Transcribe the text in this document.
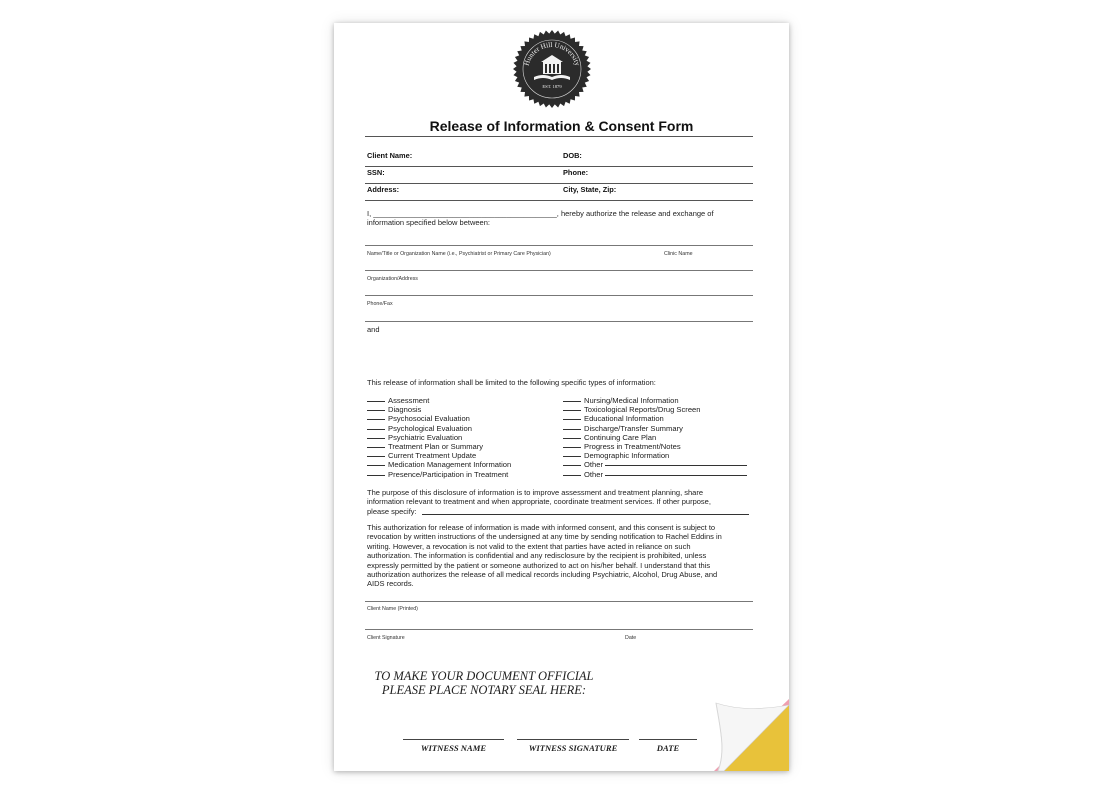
Hunter Hill University
EST. 1879
Release of Information & Consent Form
Client Name:	DOB:
SSN:	Phone:
Address:	City, State, Zip:
I, ____________________________________________, hereby authorize the release and exchange of
information specified below between:
Name/Title or Organization Name (i.e., Psychiatrist or Primary Care Physician)	Clinic Name
Organization/Address
Phone/Fax
and
This release of information shall be limited to the following specific types of information:
Assessment
Diagnosis
Psychosocial Evaluation
Psychological Evaluation
Psychiatric Evaluation
Treatment Plan or Summary
Current Treatment Update
Medication Management Information
Presence/Participation in Treatment
Nursing/Medical Information
Toxicological Reports/Drug Screen
Educational Information
Discharge/Transfer Summary
Continuing Care Plan
Progress in Treatment/Notes
Demographic Information
Other
Other
The purpose of this disclosure of information is to improve assessment and treatment planning, share
information relevant to treatment and when appropriate, coordinate treatment services. If other purpose,
please specify:
This authorization for release of information is made with informed consent, and this consent is subject to
revocation by written instructions of the undersigned at any time by sending notification to Rachel Eddins in
writing. However, a revocation is not valid to the extent that parties have acted in reliance on such
authorization. The information is confidential and any redisclosure by the recipient is prohibited, unless
expressly permitted by the patient or someone authorized to act on his/her behalf. I understand that this
authorization authorizes the release of all medical records including Psychiatric, Alcohol, Drug Abuse, and
AIDS records.
Client Name (Printed)
Client Signature	Date
TO MAKE YOUR DOCUMENT OFFICIAL
PLEASE PLACE NOTARY SEAL HERE:
WITNESS NAME	WITNESS SIGNATURE	DATE
